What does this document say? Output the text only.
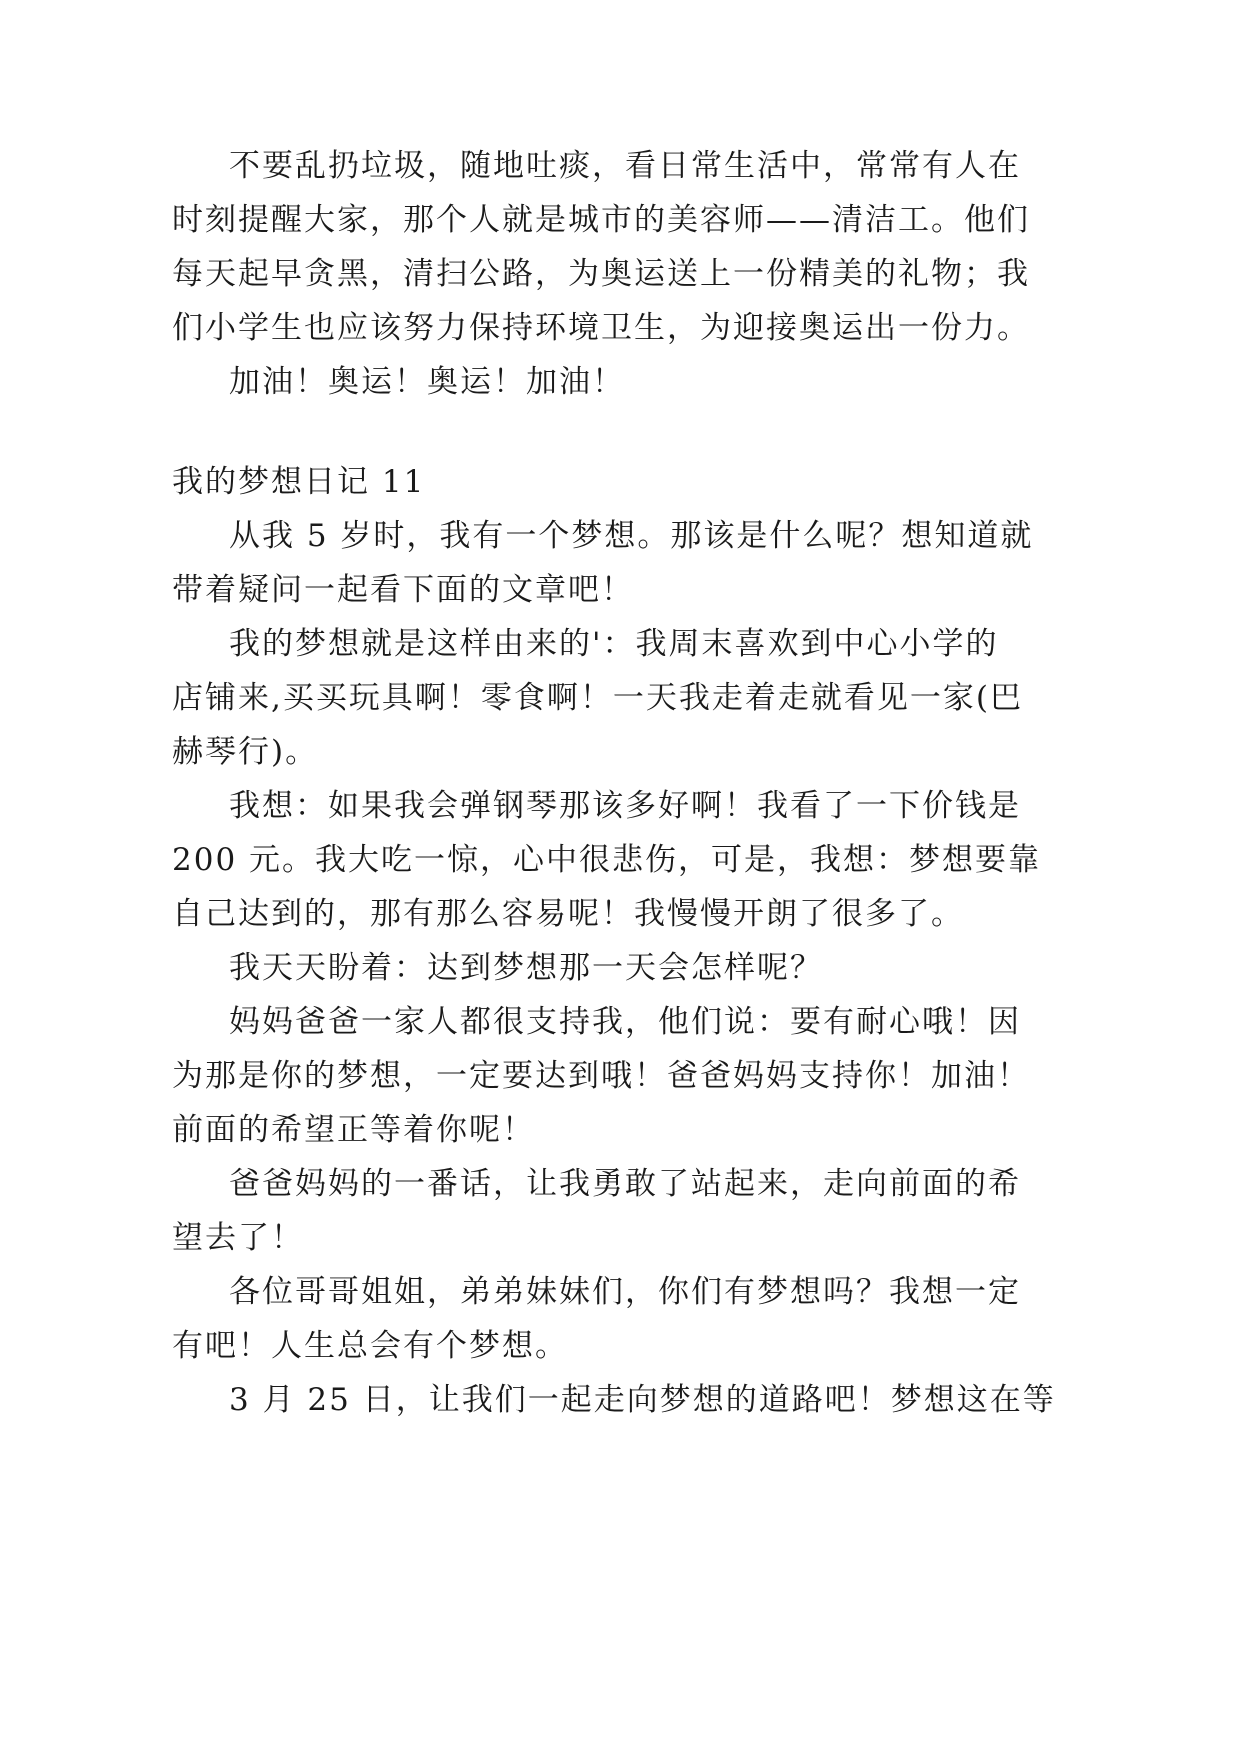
不要乱扔垃圾，随地吐痰，看日常生活中，常常有人在
时刻提醒大家，那个人就是城市的美容师——清洁工。他们
每天起早贪黑，清扫公路，为奥运送上一份精美的礼物；我
们小学生也应该努力保持环境卫生，为迎接奥运出一份力。
加油！奥运！奥运！加油！
我的梦想日记 11
从我 5 岁时，我有一个梦想。那该是什么呢？想知道就
带着疑问一起看下面的文章吧！
我的梦想就是这样由来的'：我周末喜欢到中心小学的
店铺来,买买玩具啊！零食啊！一天我走着走就看见一家(巴
赫琴行)。
我想：如果我会弹钢琴那该多好啊！我看了一下价钱是
200 元。我大吃一惊，心中很悲伤，可是，我想：梦想要靠
自己达到的，那有那么容易呢！我慢慢开朗了很多了。
我天天盼着：达到梦想那一天会怎样呢？
妈妈爸爸一家人都很支持我，他们说：要有耐心哦！因
为那是你的梦想，一定要达到哦！爸爸妈妈支持你！加油！
前面的希望正等着你呢！
爸爸妈妈的一番话，让我勇敢了站起来，走向前面的希
望去了！
各位哥哥姐姐，弟弟妹妹们，你们有梦想吗？我想一定
有吧！人生总会有个梦想。
3 月 25 日，让我们一起走向梦想的道路吧！梦想这在等
